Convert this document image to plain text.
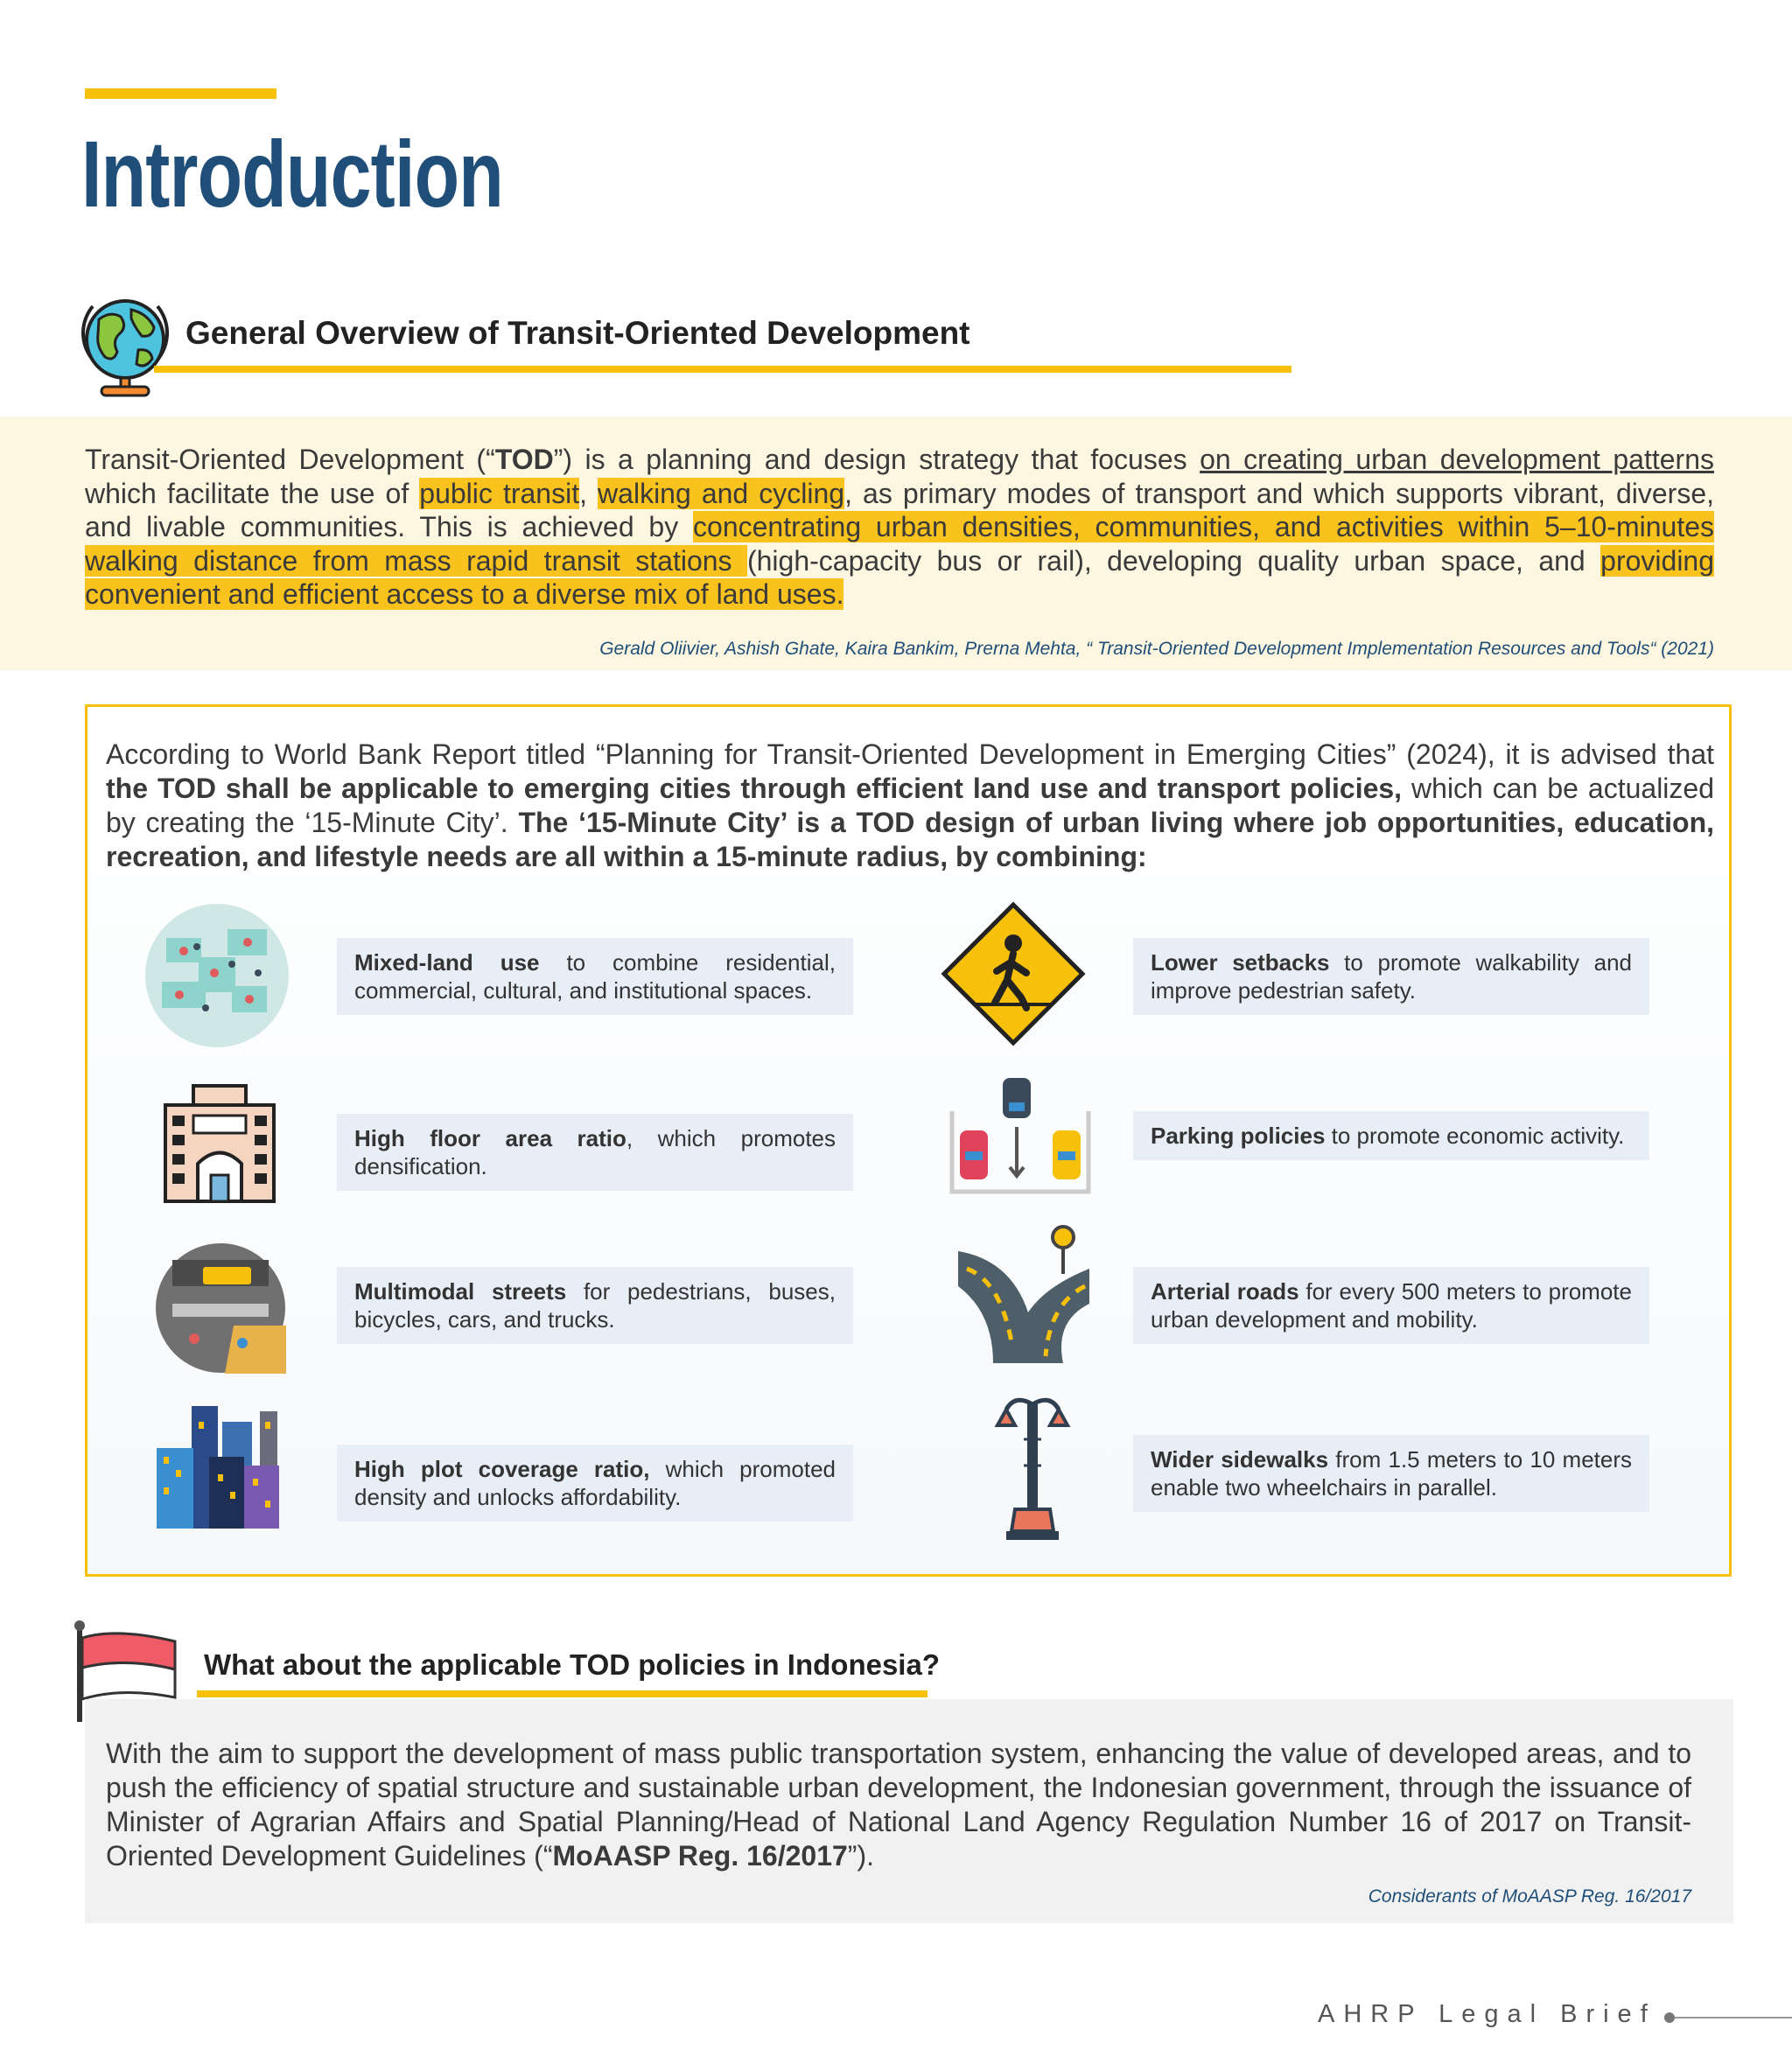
Introduction
General Overview of Transit-Oriented Development
Transit-Oriented Development (“TOD”) is a planning and design strategy that focuses on creating urban development patterns which facilitate the use of public transit, walking and cycling, as primary modes of transport and which supports vibrant, diverse, and livable communities. This is achieved by concentrating urban densities, communities, and activities within 5–10-minutes walking distance from mass rapid transit stations (high-capacity bus or rail), developing quality urban space, and providing convenient and efficient access to a diverse mix of land uses.
Gerald Oliivier, Ashish Ghate, Kaira Bankim, Prerna Mehta, “ Transit-Oriented Development Implementation Resources and Tools“ (2021)
According to World Bank Report titled “Planning for Transit-Oriented Development in Emerging Cities” (2024), it is advised that the TOD shall be applicable to emerging cities through efficient land use and transport policies, which can be actualized by creating the ‘15-Minute City’. The ‘15-Minute City’ is a TOD design of urban living where job opportunities, education, recreation, and lifestyle needs are all within a 15-minute radius, by combining:
Mixed-land use to combine residential, commercial, cultural, and institutional spaces.
High floor area ratio, which promotes densification.
Multimodal streets for pedestrians, buses, bicycles, cars, and trucks.
High plot coverage ratio, which promoted density and unlocks affordability.
Lower setbacks to promote walkability and improve pedestrian safety.
Parking policies to promote economic activity.
Arterial roads for every 500 meters to promote urban development and mobility.
Wider sidewalks from 1.5 meters to 10 meters enable two wheelchairs in parallel.
What about the applicable TOD policies in Indonesia?
With the aim to support the development of mass public transportation system, enhancing the value of developed areas, and to push the efficiency of spatial structure and sustainable urban development, the Indonesian government, through the issuance of Minister of Agrarian Affairs and Spatial Planning/Head of National Land Agency Regulation Number 16 of 2017 on Transit-Oriented Development Guidelines (“MoAASP Reg. 16/2017”).
Considerants of MoAASP Reg. 16/2017
AHRP Legal Brief
